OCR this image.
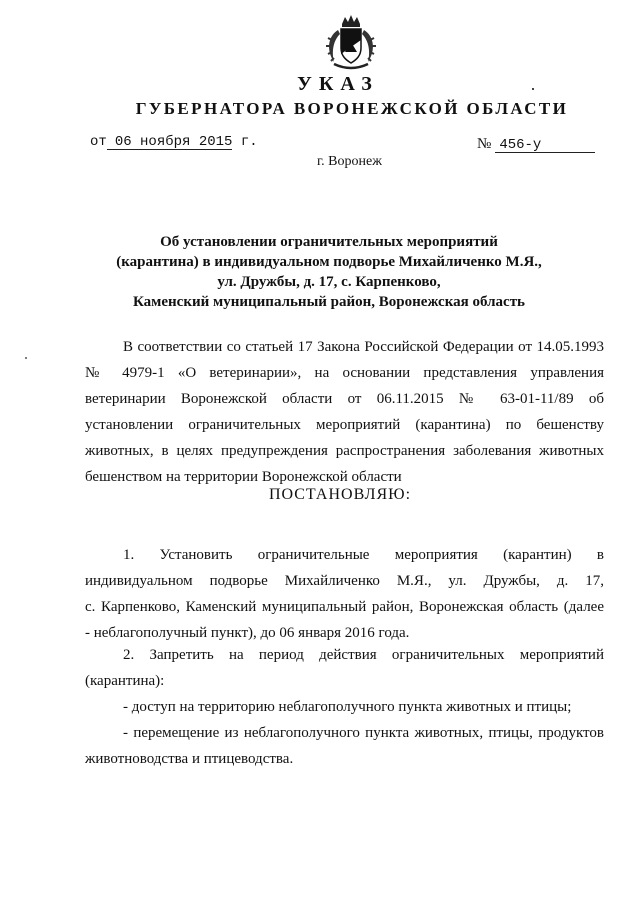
УКАЗ
ГУБЕРНАТОРА ВОРОНЕЖСКОЙ ОБЛАСТИ
от 06 ноября 2015 г.	№ 456-у
г. Воронеж
Об установлении ограничительных мероприятий
(карантина) в индивидуальном подворье Михайличенко М.Я.,
ул. Дружбы, д. 17, с. Карпенково,
Каменский муниципальный район, Воронежская область
В соответствии со статьей 17 Закона Российской Федерации от 14.05.1993
№ 4979-1 «О ветеринарии», на основании представления управления
ветеринарии Воронежской области от 06.11.2015 № 63-01-11/89 об
установлении ограничительных мероприятий (карантина) по бешенству
животных, в целях предупреждения распространения заболевания животных
бешенством на территории Воронежской области
ПОСТАНОВЛЯЮ:
1. Установить ограничительные мероприятия (карантин) в
индивидуальном подворье Михайличенко М.Я., ул. Дружбы, д. 17,
с. Карпенково, Каменский муниципальный район, Воронежская область (далее
- неблагополучный пункт), до 06 января 2016 года.
2. Запретить на период действия ограничительных мероприятий
(карантина):
- доступ на территорию неблагополучного пункта животных и птицы;
- перемещение из неблагополучного пункта животных, птицы, продуктов
животноводства и птицеводства.
